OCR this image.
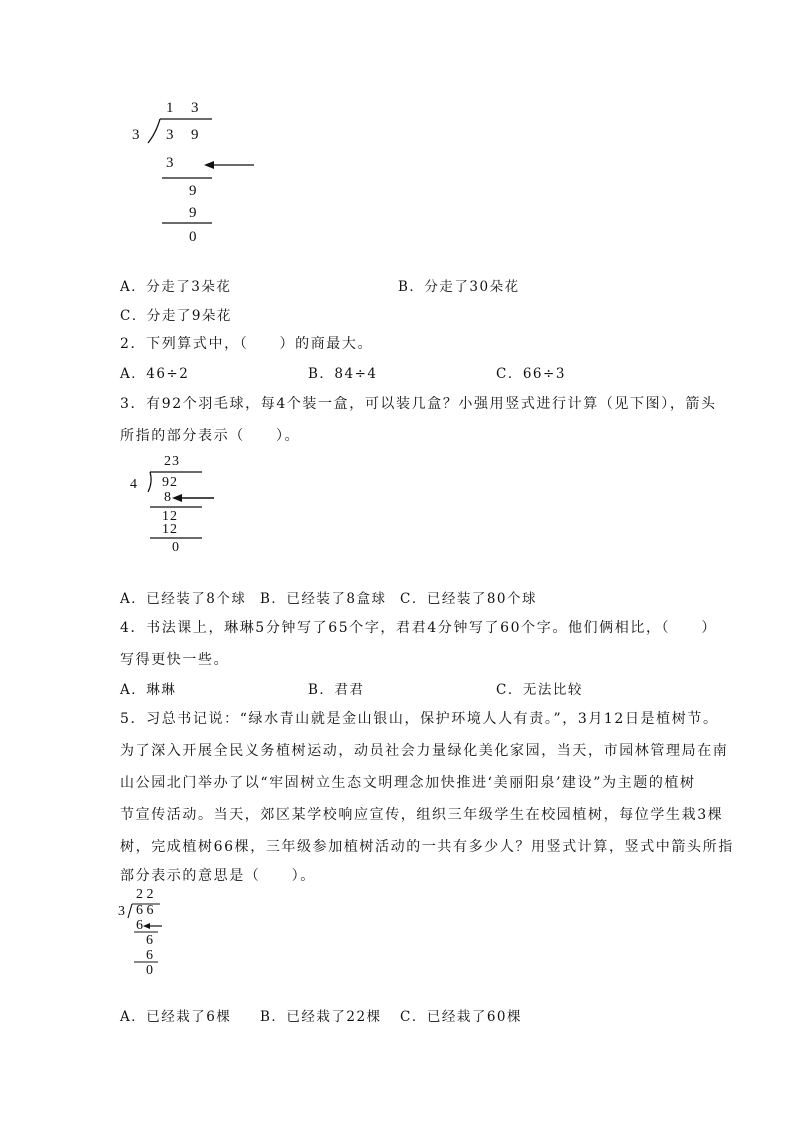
1 3
3 3 9
3
9
9
0
A．分走了3朵花	B．分走了30朵花
C．分走了9朵花
2．下列算式中，（　　）的商最大。
A．46÷2	B．84÷4	C．66÷3
3．有92个羽毛球，每4个装一盒，可以装几盒？小强用竖式进行计算（见下图），箭头
所指的部分表示（　　）。
23
4 92
8
12
12
0
A．已经装了8个球 B．已经装了8盒球 C．已经装了80个球
4．书法课上，琳琳5分钟写了65个字，君君4分钟写了60个字。他们俩相比，（　　）
写得更快一些。
A．琳琳	B．君君	C．无法比较
5．习总书记说：“绿水青山就是金山银山，保护环境人人有责。”，3月12日是植树节。
为了深入开展全民义务植树运动，动员社会力量绿化美化家园，当天，市园林管理局在南
山公园北门举办了以“牢固树立生态文明理念加快推进‘美丽阳泉’建设”为主题的植树
节宣传活动。当天，郊区某学校响应宣传，组织三年级学生在校园植树，每位学生栽3棵
树，完成植树66棵，三年级参加植树活动的一共有多少人？用竖式计算，竖式中箭头所指
部分表示的意思是（　　）。
2 2
3 6 6
6
6
6
0
A．已经栽了6棵 B．已经栽了22棵 C．已经栽了60棵
